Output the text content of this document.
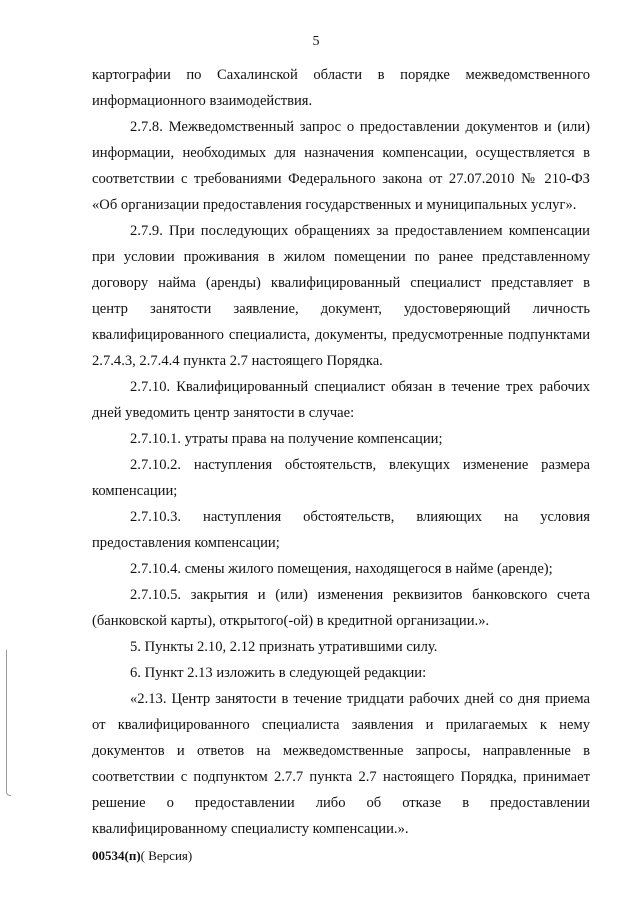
5

картографии по Сахалинской области в порядке межведомственного информационного взаимодействия.

2.7.8. Межведомственный запрос о предоставлении документов и (или) информации, необходимых для назначения компенсации, осуществляется в соответствии с требованиями Федерального закона от 27.07.2010 № 210-ФЗ «Об организации предоставления государственных и муниципальных услуг».

2.7.9. При последующих обращениях за предоставлением компенсации при условии проживания в жилом помещении по ранее представленному договору найма (аренды) квалифицированный специалист представляет в центр занятости заявление, документ, удостоверяющий личность квалифицированного специалиста, документы, предусмотренные подпунктами 2.7.4.3, 2.7.4.4 пункта 2.7 настоящего Порядка.

2.7.10. Квалифицированный специалист обязан в течение трех рабочих дней уведомить центр занятости в случае:

2.7.10.1. утраты права на получение компенсации;

2.7.10.2. наступления обстоятельств, влекущих изменение размера компенсации;

2.7.10.3. наступления обстоятельств, влияющих на условия предоставления компенсации;

2.7.10.4. смены жилого помещения, находящегося в найме (аренде);

2.7.10.5. закрытия и (или) изменения реквизитов банковского счета (банковской карты), открытого(-ой) в кредитной организации.».

5. Пункты 2.10, 2.12 признать утратившими силу.

6. Пункт 2.13 изложить в следующей редакции:

«2.13. Центр занятости в течение тридцати рабочих дней со дня приема от квалифицированного специалиста заявления и прилагаемых к нему документов и ответов на межведомственные запросы, направленные в соответствии с подпунктом 2.7.7 пункта 2.7 настоящего Порядка, принимает решение о предоставлении либо об отказе в предоставлении квалифицированному специалисту компенсации.».

00534(п)( Версия)
